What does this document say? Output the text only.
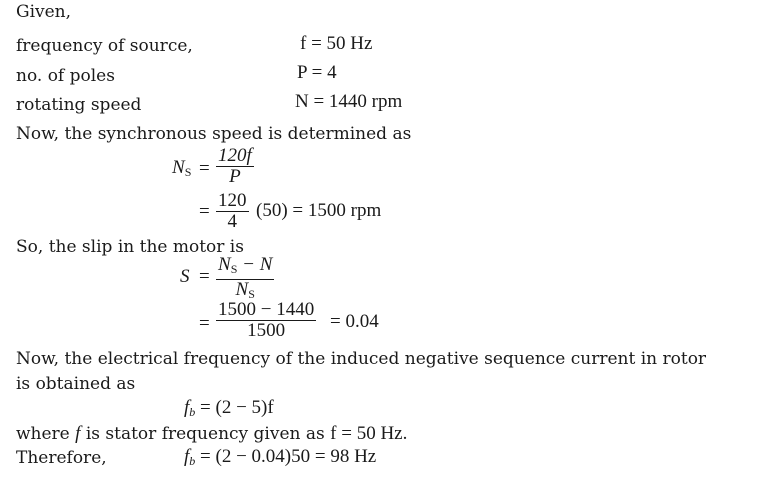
Given,
frequency of source,	f = 50 Hz
no. of poles	P = 4
rotating speed	N = 1440 rpm
Now, the synchronous speed is determined as
$N_S = \frac{120f}{P}$
= $\frac{120}{4} (50) = 1500$ rpm
So, the slip in the motor is
$S = \frac{N_S - N}{N_S}$
= $\frac{1500 - 1440}{1500} = 0.04$
Now, the electrical frequency of the induced negative sequence current in rotor
is obtained as
$f_b = (2 - 5)f$
where f is stator frequency given as f = 50 Hz.
Therefore,	$f_b = (2 - 0.04)50 = 98$ Hz
